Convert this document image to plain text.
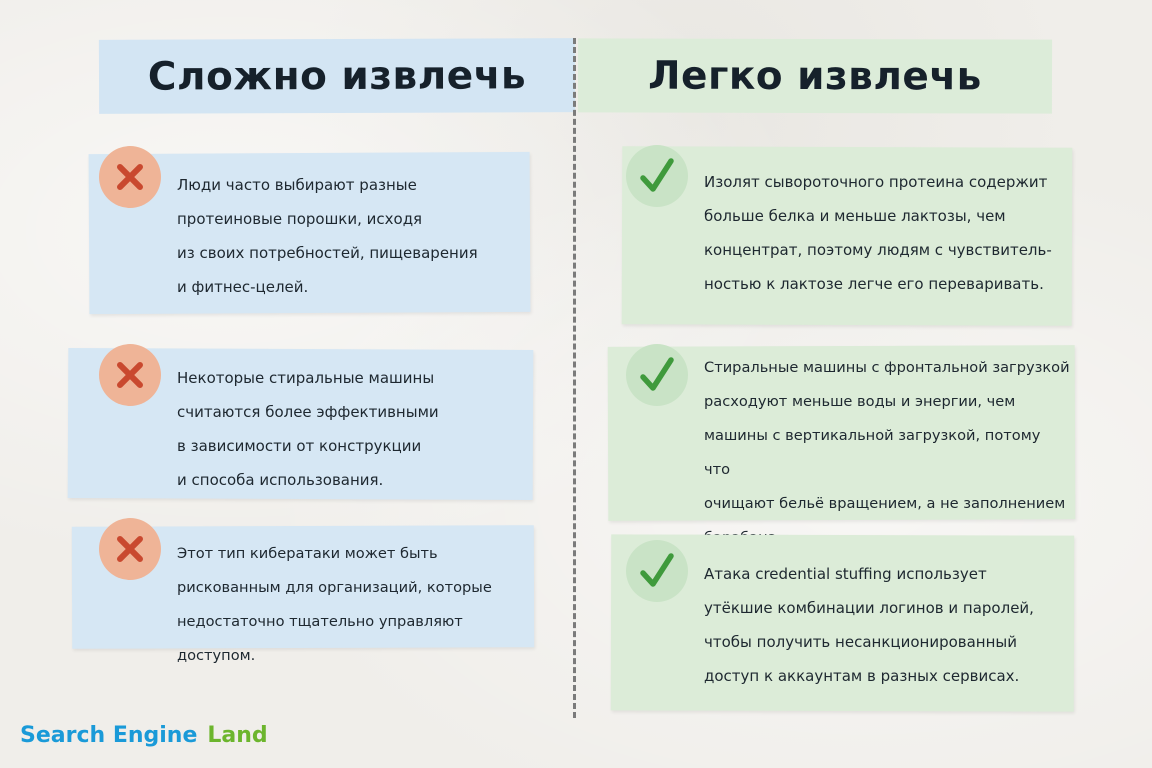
Сложно извлечь	Легко извлечь
Люди часто выбирают разные
протеиновые порошки, исходя
из своих потребностей, пищеварения
и фитнес-целей.
Некоторые стиральные машины
считаются более эффективными
в зависимости от конструкции
и способа использования.
Этот тип кибератаки может быть
рискованным для организаций, которые
недостаточно тщательно управляют доступом.
Изолят сывороточного протеина содержит
больше белка и меньше лактозы, чем
концентрат, поэтому людям с чувствитель-
ностью к лактозе легче его переваривать.
Стиральные машины с фронтальной загрузкой
расходуют меньше воды и энергии, чем
машины с вертикальной загрузкой, потому что
очищают бельё вращением, а не заполнением

Атака credential stuffing использует
утёкшие комбинации логинов и паролей,
чтобы получить несанкционированный
доступ к аккаунтам в разных сервисах.
Search Engine Land
